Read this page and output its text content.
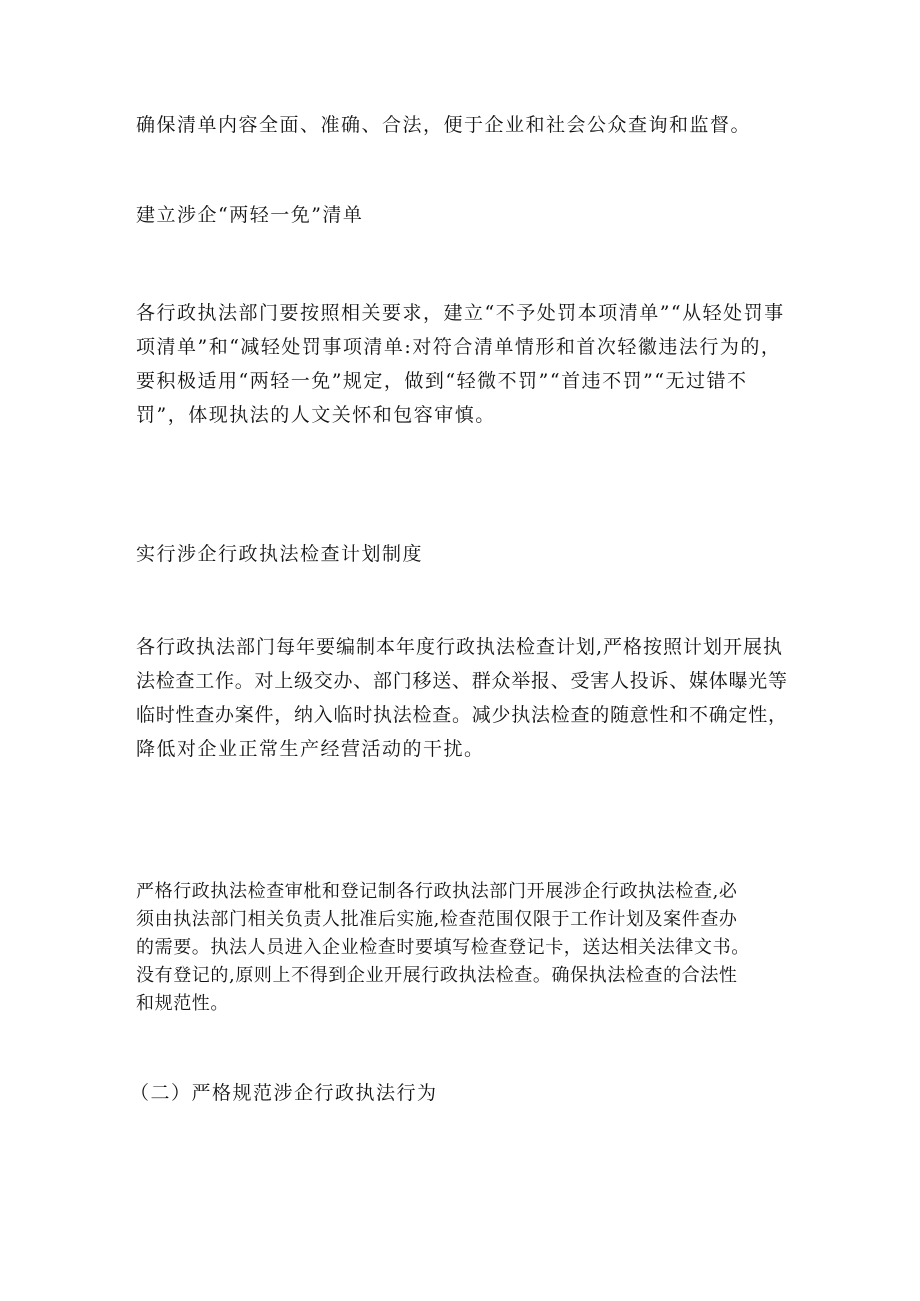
确保清单内容全面、准确、合法，便于企业和社会公众查询和监督。

建立涉企“两轻一免”清单

各行政执法部门要按照相关要求，建立“不予处罚本项清单”“从轻处罚事
项清单”和“减轻处罚事项清单:对符合清单情形和首次轻徽违法行为的，
要积极适用“两轻一免”规定，做到“轻微不罚”“首违不罚”“无过错不
罚”，体现执法的人文关怀和包容审慎。

实行涉企行政执法检查计划制度

各行政执法部门每年要编制本年度行政执法检查计划,严格按照计划开展执
法检查工作。对上级交办、部门移送、群众举报、受害人投诉、媒体曝光等
临时性查办案件，纳入临时执法检查。减少执法检查的随意性和不确定性，
降低对企业正常生产经营活动的干扰。

严格行政执法检查审枇和登记制各行政执法部门开展涉企行政执法检查,必
须由执法部门相关负责人批准后实施,检查范围仅限于工作计划及案件查办
的需要。执法人员进入企业检查时要填写检查登记卡，送达相关法律文书。
没有登记的,原则上不得到企业开展行政执法检查。确保执法检查的合法性
和规范性。

（二）严格规范涉企行政执法行为
